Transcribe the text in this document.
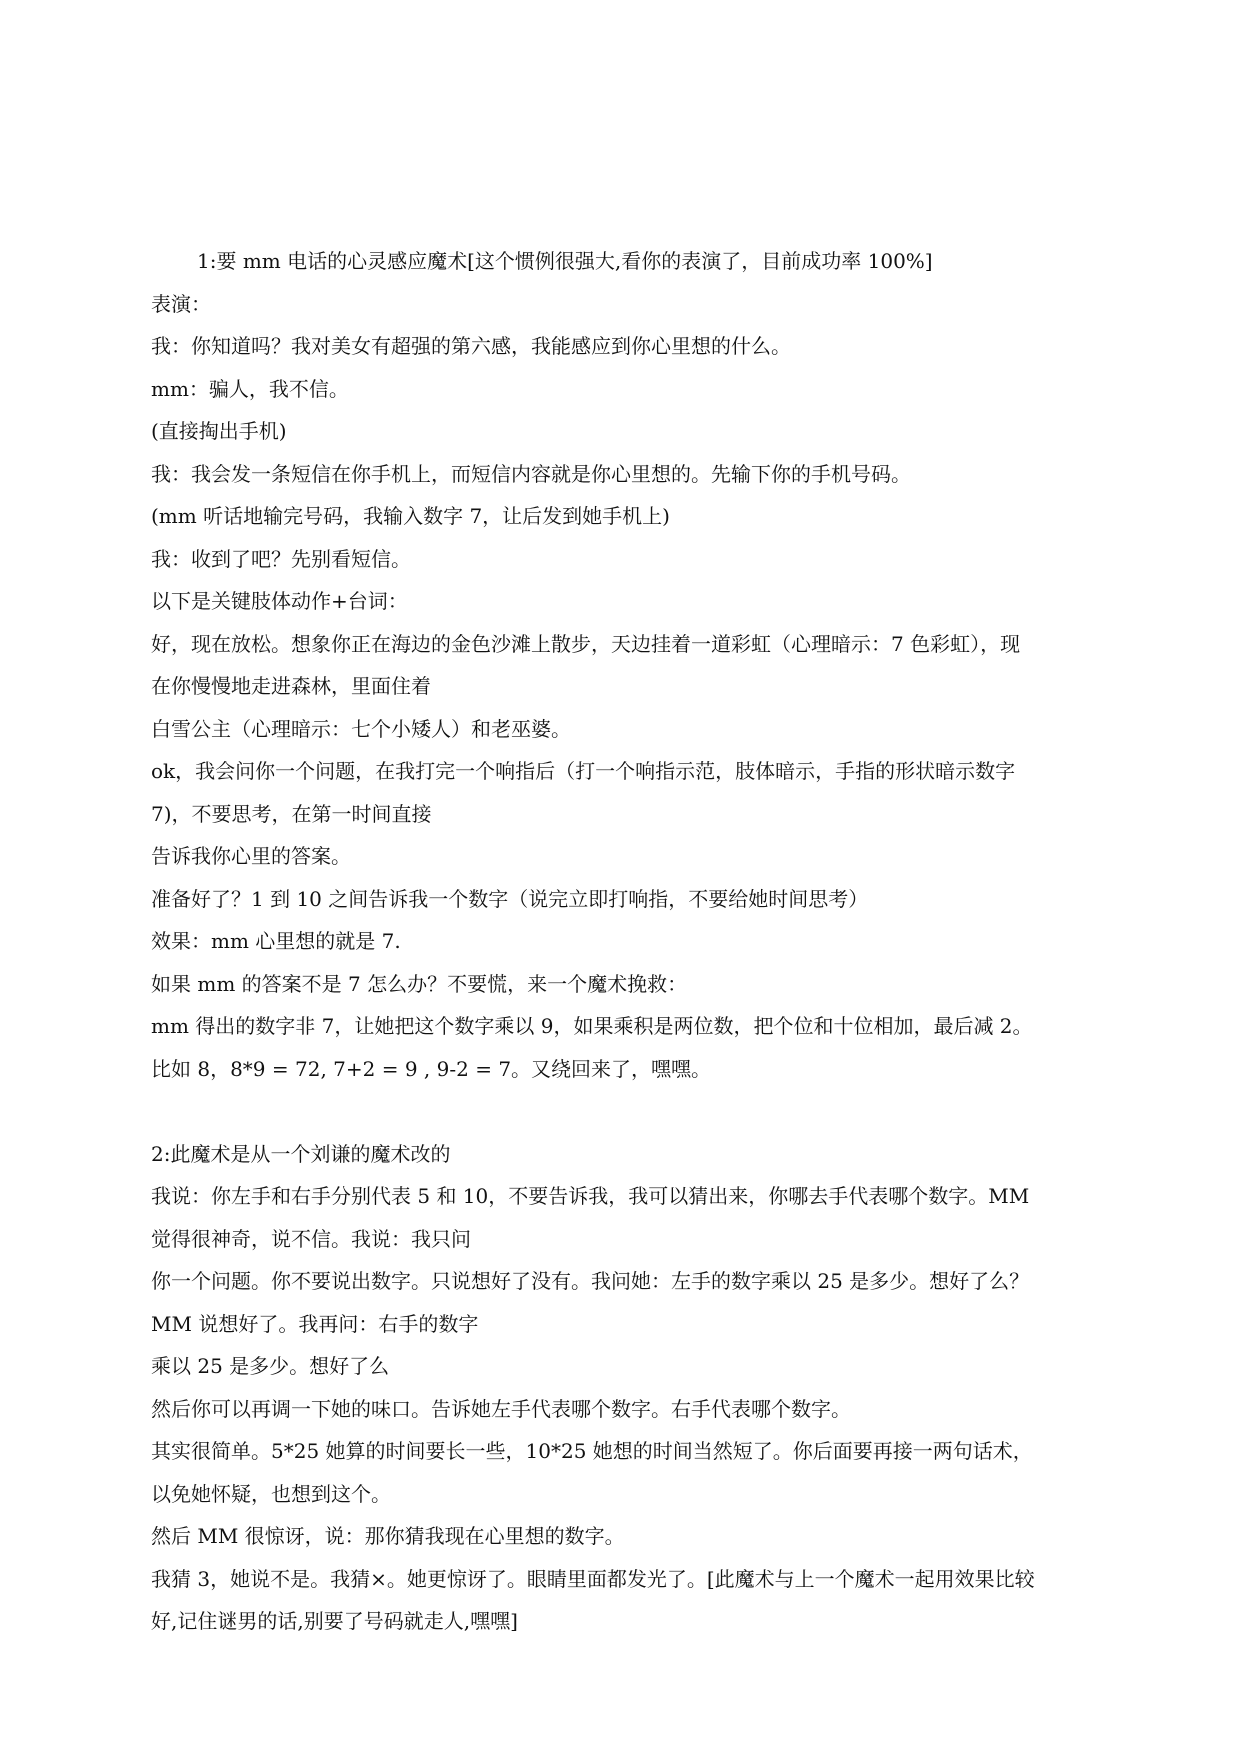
1:要 mm 电话的心灵感应魔术[这个惯例很强大,看你的表演了，目前成功率 100%]
表演：
我：你知道吗？我对美女有超强的第六感，我能感应到你心里想的什么。
mm：骗人，我不信。
(直接掏出手机)
我：我会发一条短信在你手机上，而短信内容就是你心里想的。先输下你的手机号码。
(mm 听话地输完号码，我输入数字 7，让后发到她手机上)
我：收到了吧？先别看短信。
以下是关键肢体动作+台词：
好，现在放松。想象你正在海边的金色沙滩上散步，天边挂着一道彩虹（心理暗示：7 色彩虹），现
在你慢慢地走进森林，里面住着
白雪公主（心理暗示：七个小矮人）和老巫婆。
ok，我会问你一个问题，在我打完一个响指后（打一个响指示范，肢体暗示，手指的形状暗示数字
7)，不要思考，在第一时间直接
告诉我你心里的答案。
准备好了？1 到 10 之间告诉我一个数字（说完立即打响指，不要给她时间思考）
效果：mm 心里想的就是 7.
如果 mm 的答案不是 7 怎么办？不要慌，来一个魔术挽救：
mm 得出的数字非 7，让她把这个数字乘以 9，如果乘积是两位数，把个位和十位相加，最后减 2。
比如 8，8*9 = 72, 7+2 = 9 , 9-2 = 7。又绕回来了，嘿嘿。
2:此魔术是从一个刘谦的魔术改的
我说：你左手和右手分别代表 5 和 10，不要告诉我，我可以猜出来，你哪去手代表哪个数字。MM
觉得很神奇，说不信。我说：我只问
你一个问题。你不要说出数字。只说想好了没有。我问她：左手的数字乘以 25 是多少。想好了么？
MM 说想好了。我再问：右手的数字
乘以 25 是多少。想好了么
然后你可以再调一下她的味口。告诉她左手代表哪个数字。右手代表哪个数字。
其实很简单。5*25 她算的时间要长一些，10*25 她想的时间当然短了。你后面要再接一两句话术，
以免她怀疑，也想到这个。
然后 MM 很惊讶，说：那你猜我现在心里想的数字。
我猜 3，她说不是。我猜×。她更惊讶了。眼睛里面都发光了。[此魔术与上一个魔术一起用效果比较
好,记住谜男的话,别要了号码就走人,嘿嘿]
